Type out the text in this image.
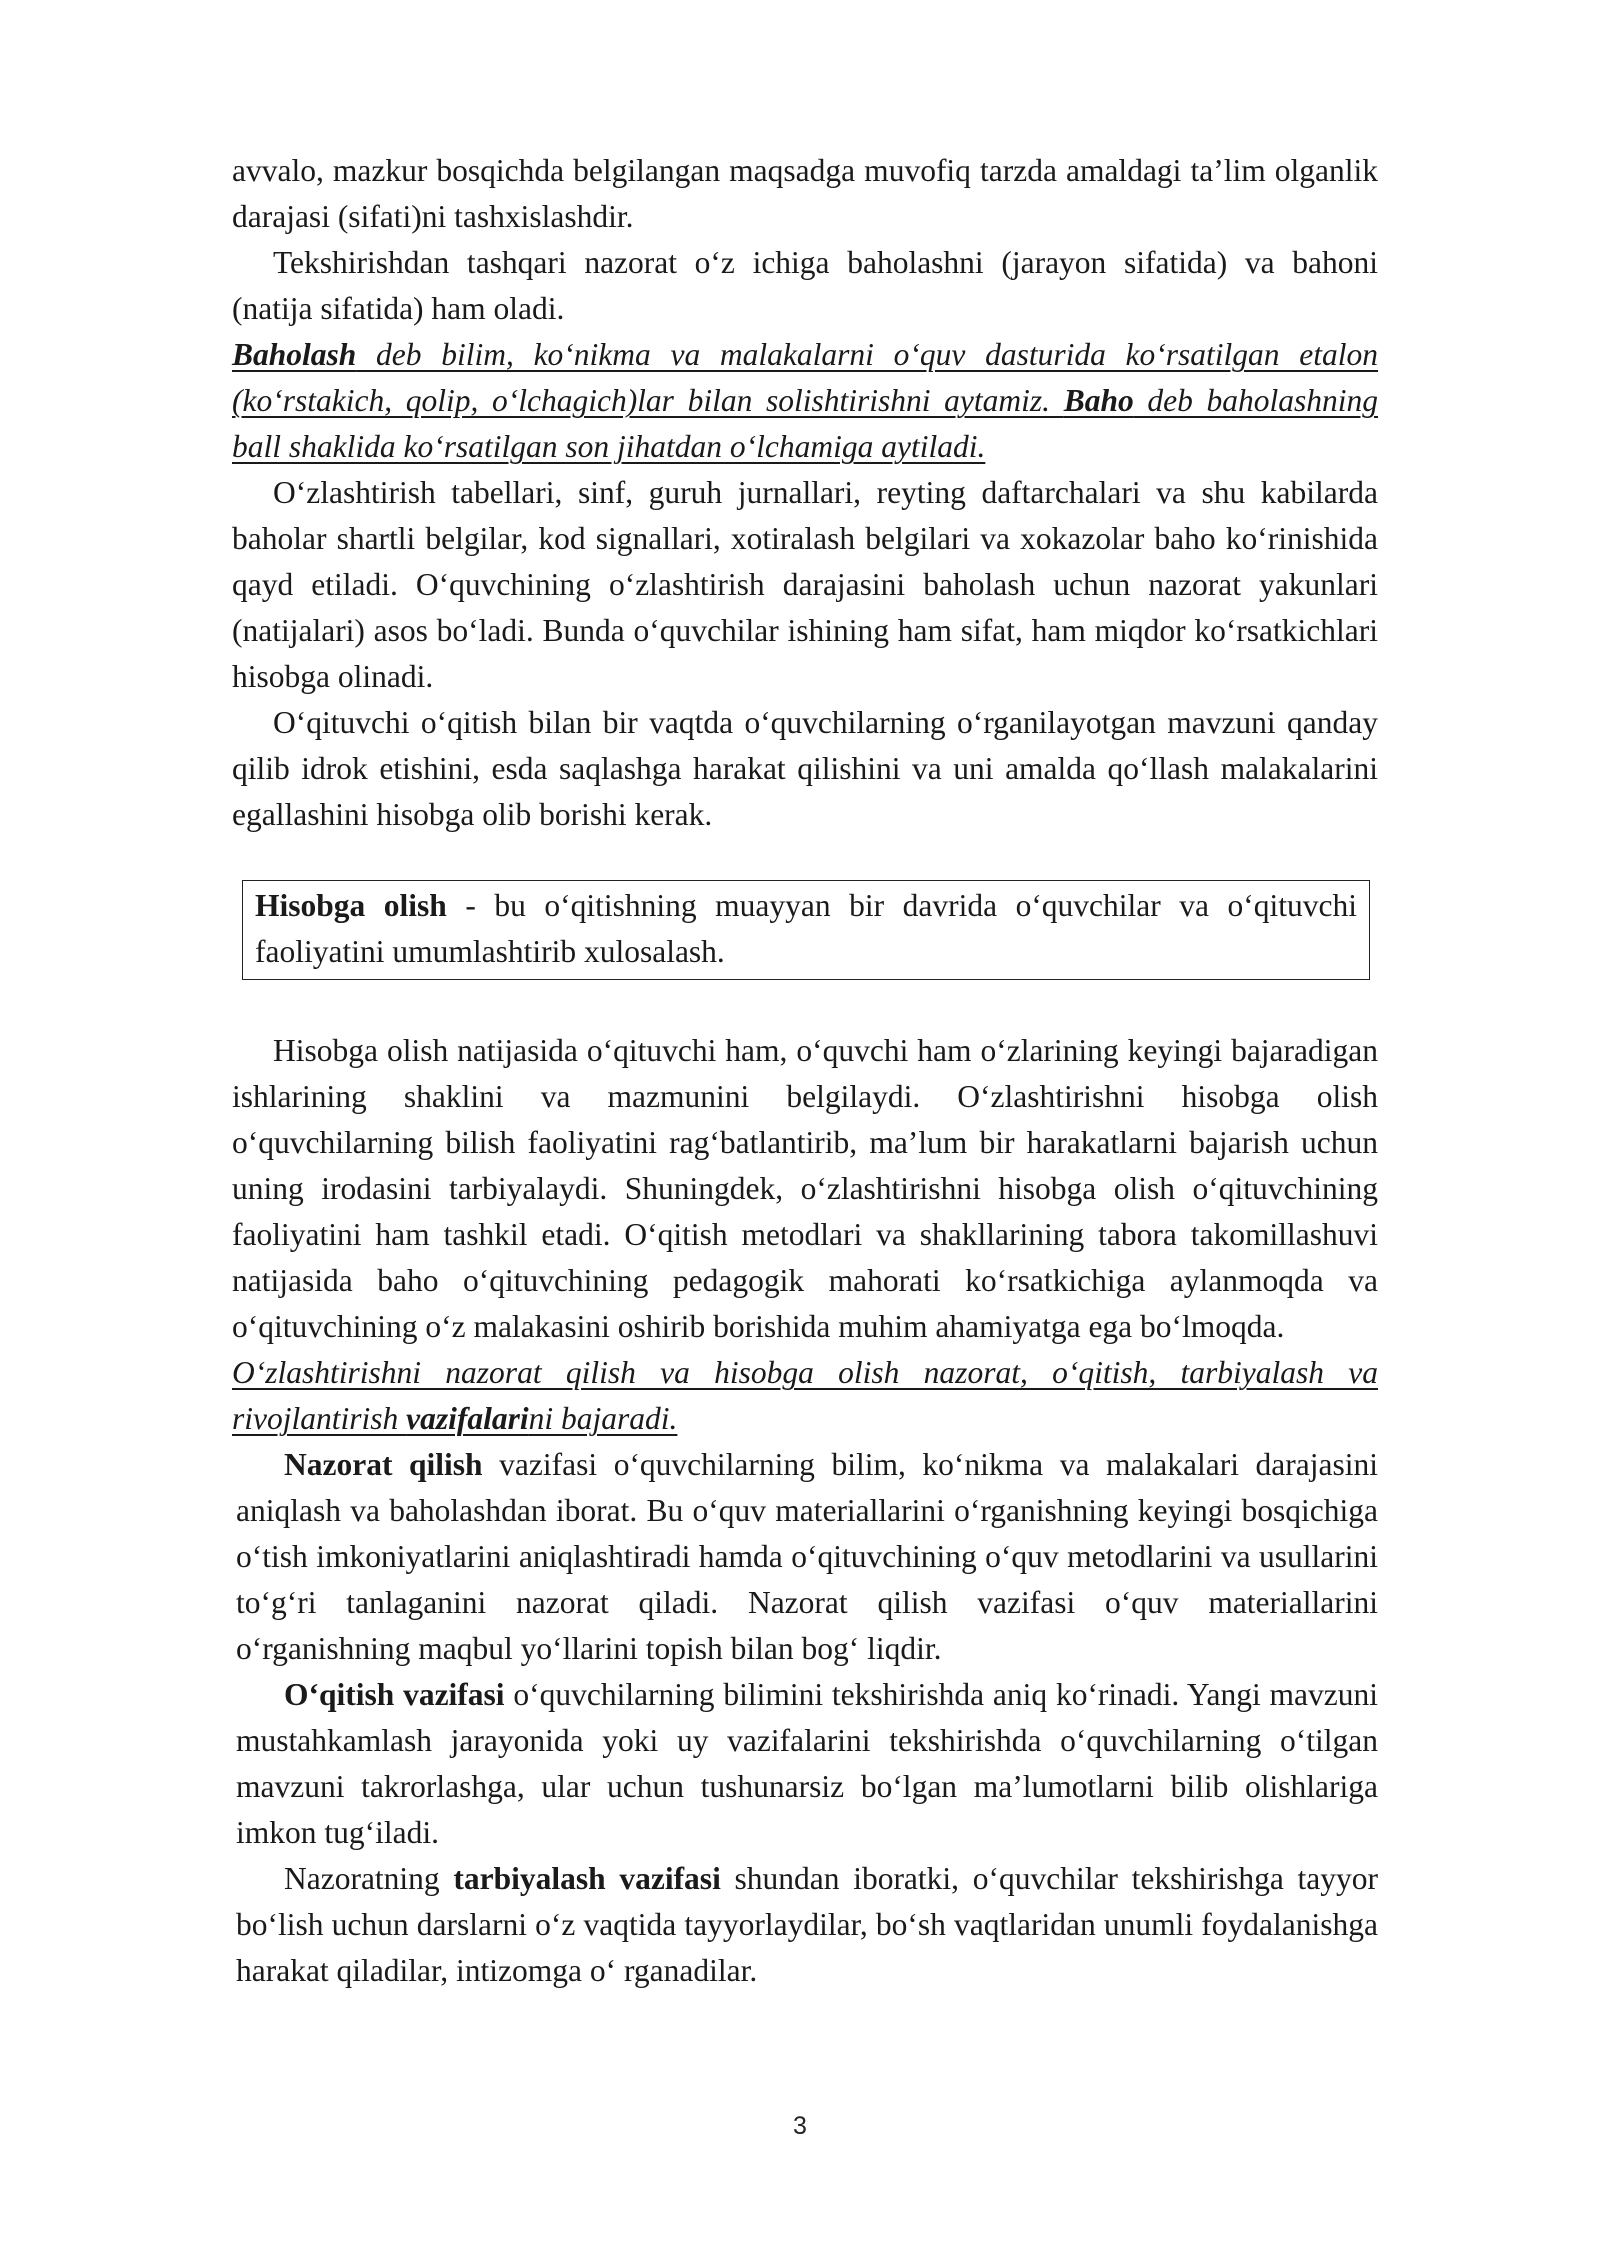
avvalo, mazkur bosqichda belgilangan maqsadga muvofiq tarzda amaldagi ta’lim olganlik darajasi (sifati)ni tashxislashdir.

Tekshirishdan tashqari nazorat o‘z ichiga baholashni (jarayon sifatida) va bahoni (natija sifatida) ham oladi.

Baholash deb bilim, ko‘nikma va malakalarni o‘quv dasturida ko‘rsatilgan etalon (ko‘rstakich, qolip, o‘lchagich)lar bilan solishtirishni aytamiz. Baho deb baholashning ball shaklida ko‘rsatilgan son jihatdan o‘lchamiga aytiladi.

O‘zlashtirish tabellari, sinf, guruh jurnallari, reyting daftarchalari va shu kabilarda baholar shartli belgilar, kod signallari, xotiralash belgilari va xokazolar baho ko‘rinishida qayd etiladi. O‘quvchining o‘zlashtirish darajasini baholash uchun nazorat yakunlari (natijalari) asos bo‘ladi. Bunda o‘quvchilar ishining ham sifat, ham miqdor ko‘rsatkichlari hisobga olinadi.

O‘qituvchi o‘qitish bilan bir vaqtda o‘quvchilarning o‘rganilayotgan mavzuni qanday qilib idrok etishini, esda saqlashga harakat qilishini va uni amalda qo‘llash malakalarini egallashini hisobga olib borishi kerak.

Hisobga olish - bu o‘qitishning muayyan bir davrida o‘quvchilar va o‘qituvchi faoliyatini umumlashtirib xulosalash.

Hisobga olish natijasida o‘qituvchi ham, o‘quvchi ham o‘zlarining keyingi bajaradigan ishlarining shaklini va mazmunini belgilaydi. O‘zlashtirishni hisobga olish o‘quvchilarning bilish faoliyatini rag‘batlantirib, ma’lum bir harakatlarni bajarish uchun uning irodasini tarbiyalaydi. Shuningdek, o‘zlashtirishni hisobga olish o‘qituvchining faoliyatini ham tashkil etadi. O‘qitish metodlari va shakllarining tabora takomillashuvi natijasida baho o‘qituvchining pedagogik mahorati ko‘rsatkichiga aylanmoqda va o‘qituvchining o‘z malakasini oshirib borishida muhim ahamiyatga ega bo‘lmoqda.

O‘zlashtirishni nazorat qilish va hisobga olish nazorat, o‘qitish, tarbiyalash va rivojlantirish vazifalarini bajaradi.

Nazorat qilish vazifasi o‘quvchilarning bilim, ko‘nikma va malakalari darajasini aniqlash va baholashdan iborat. Bu o‘quv materiallarini o‘rganishning keyingi bosqichiga o‘tish imkoniyatlarini aniqlashtiradi hamda o‘qituvchining o‘quv metodlarini va usullarini to‘g‘ri tanlaganini nazorat qiladi. Nazorat qilish vazifasi o‘quv materiallarini o‘rganishning maqbul yo‘llarini topish bilan bog‘ liqdir.

O‘qitish vazifasi o‘quvchilarning bilimini tekshirishda aniq ko‘rinadi. Yangi mavzuni mustahkamlash jarayonida yoki uy vazifalarini tekshirishda o‘quvchilarning o‘tilgan mavzuni takrorlashga, ular uchun tushunarsiz bo‘lgan ma’lumotlarni bilib olishlariga imkon tug‘iladi.

Nazoratning tarbiyalash vazifasi shundan iboratki, o‘quvchilar tekshirishga tayyor bo‘lish uchun darslarni o‘z vaqtida tayyorlaydilar, bo‘sh vaqtlaridan unumli foydalanishga harakat qiladilar, intizomga o‘ rganadilar.

3
